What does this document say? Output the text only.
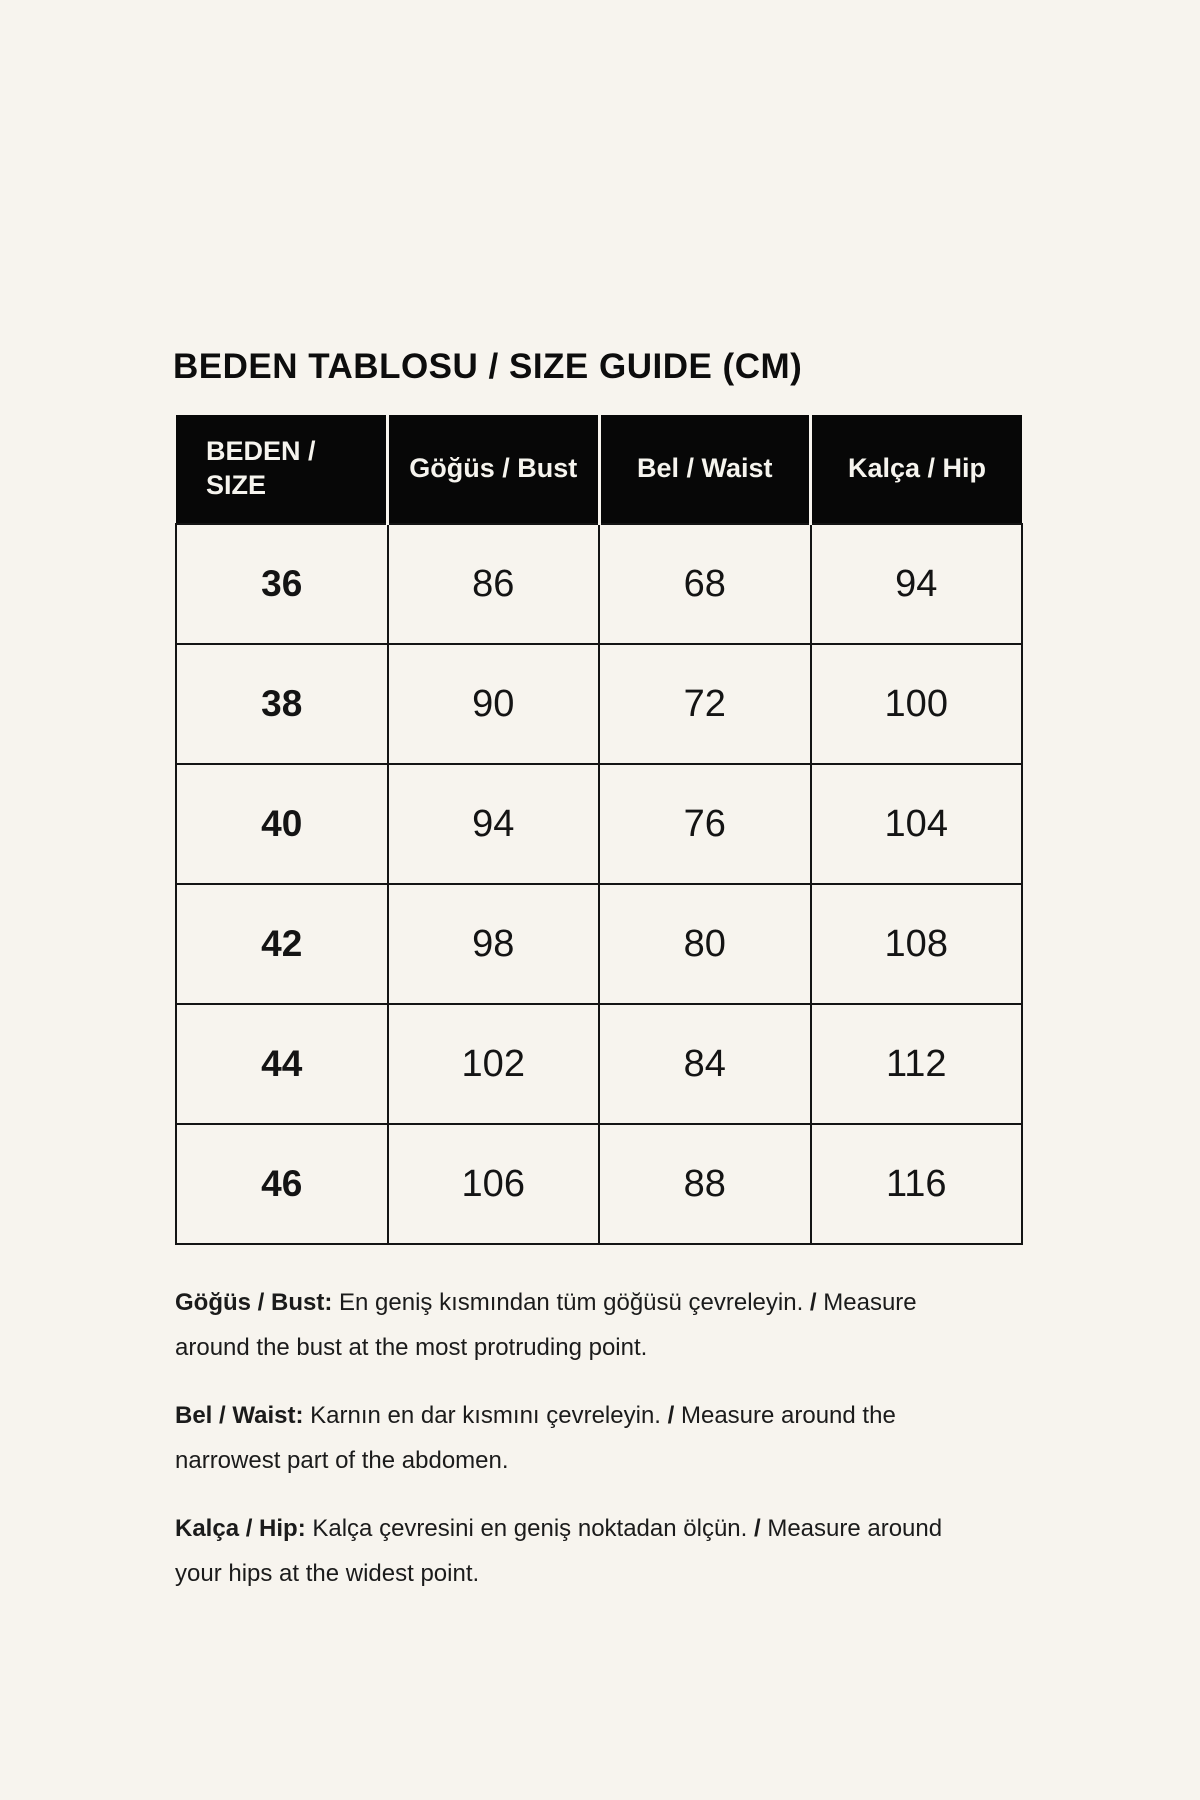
BEDEN TABLOSU / SIZE GUIDE (CM)
BEDEN / SIZE	Göğüs / Bust	Bel / Waist	Kalça / Hip
36	86	68	94
38	90	72	100
40	94	76	104
42	98	80	108
44	102	84	112
46	106	88	116

Göğüs / Bust: En geniş kısmından tüm göğüsü çevreleyin. / Measure around the bust at the most protruding point.

Bel / Waist: Karnın en dar kısmını çevreleyin. / Measure around the narrowest part of the abdomen.

Kalça / Hip: Kalça çevresini en geniş noktadan ölçün. / Measure around your hips at the widest point.
